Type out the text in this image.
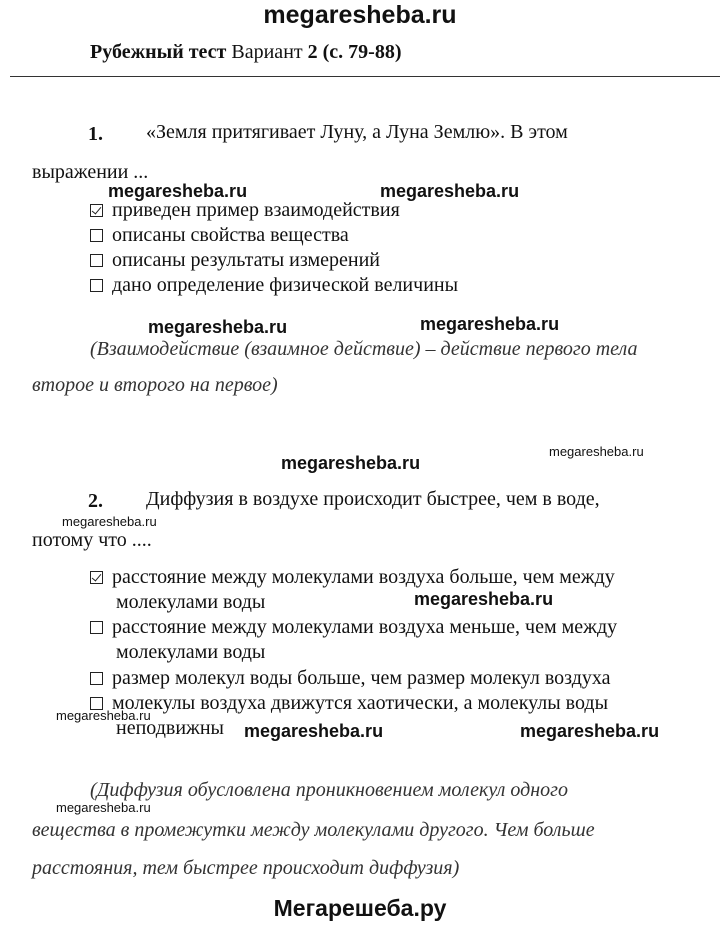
megaresheba.ru
Рубежный тест Вариант 2 (с. 79-88)
1. «Земля притягивает Луну, а Луна Землю». В этом
выражении ...
megaresheba.ru	megaresheba.ru
приведен пример взаимодействия
описаны свойства вещества
описаны результаты измерений
дано определение физической величины
megaresheba.ru	megaresheba.ru
(Взаимодействие (взаимное действие) – действие первого тела
второе и второго на первое)
megaresheba.ru
megaresheba.ru
2. Диффузия в воздухе происходит быстрее, чем в воде,
megaresheba.ru
потому что ....
расстояние между молекулами воздуха больше, чем между
молекулами воды	megaresheba.ru
расстояние между молекулами воздуха меньше, чем между
молекулами воды
размер молекул воды больше, чем размер молекул воздуха
молекулы воздуха движутся хаотически, а молекулы воды
megaresheba.ru
неподвижны megaresheba.ru	megaresheba.ru
(Диффузия обусловлена проникновением молекул одного
megaresheba.ru
вещества в промежутки между молекулами другого. Чем больше
расстояния, тем быстрее происходит диффузия)
Мегарешеба.ру
